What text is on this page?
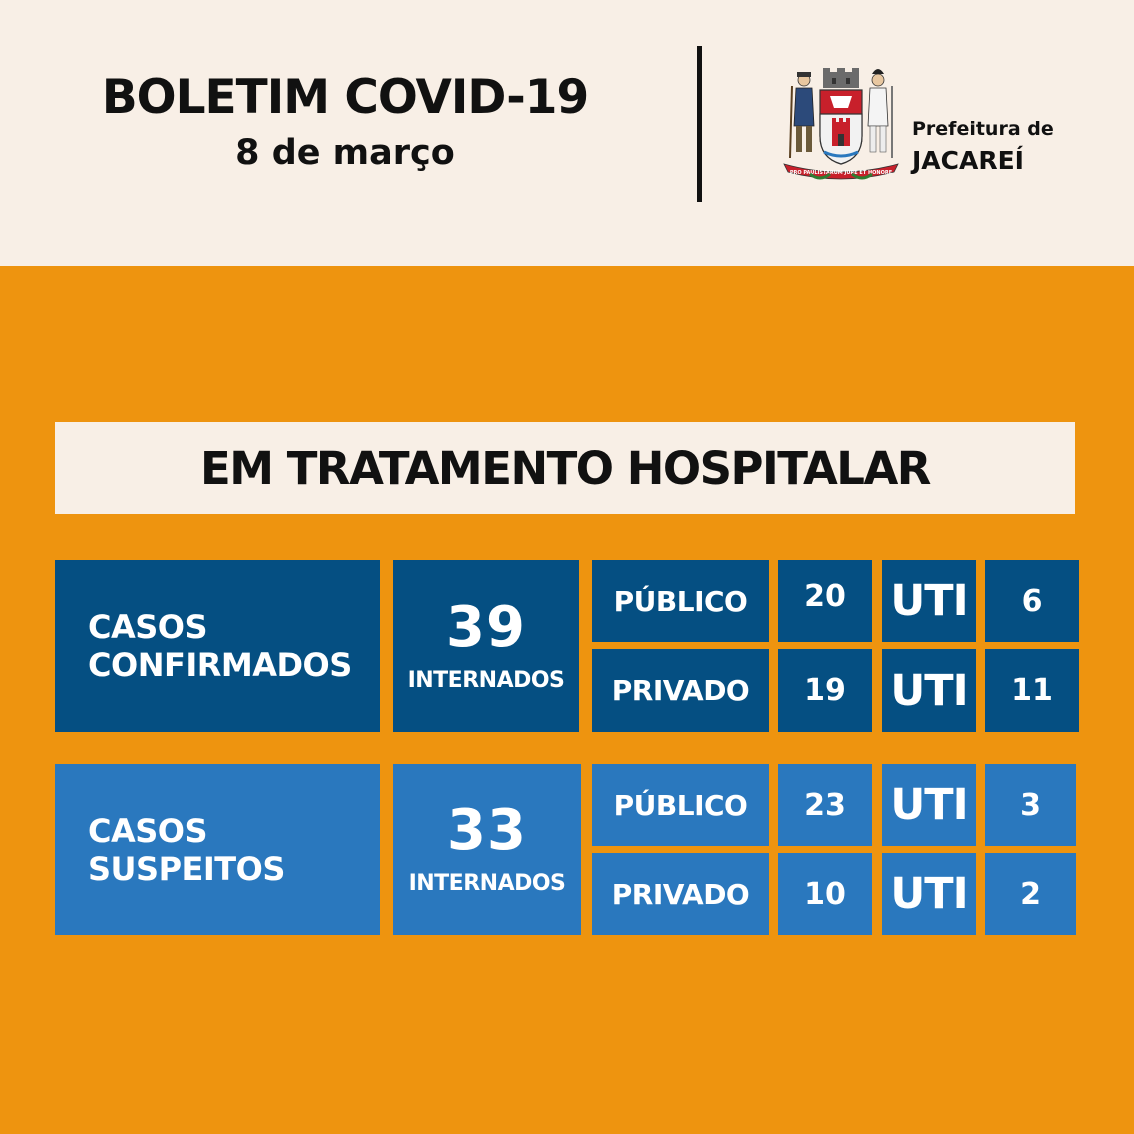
BOLETIM COVID-19
8 de março	PRO PAULISTARUM JURE ET HONORE
Prefeitura de
JACAREÍ
EM TRATAMENTO HOSPITALAR
CASOS
CONFIRMADOS
39
INTERNADOS
PÚBLICO	20	UTI	6
PRIVADO	19	UTI	11
CASOS
SUSPEITOS
33
INTERNADOS
PÚBLICO	23	UTI	3
PRIVADO	10	UTI	2
